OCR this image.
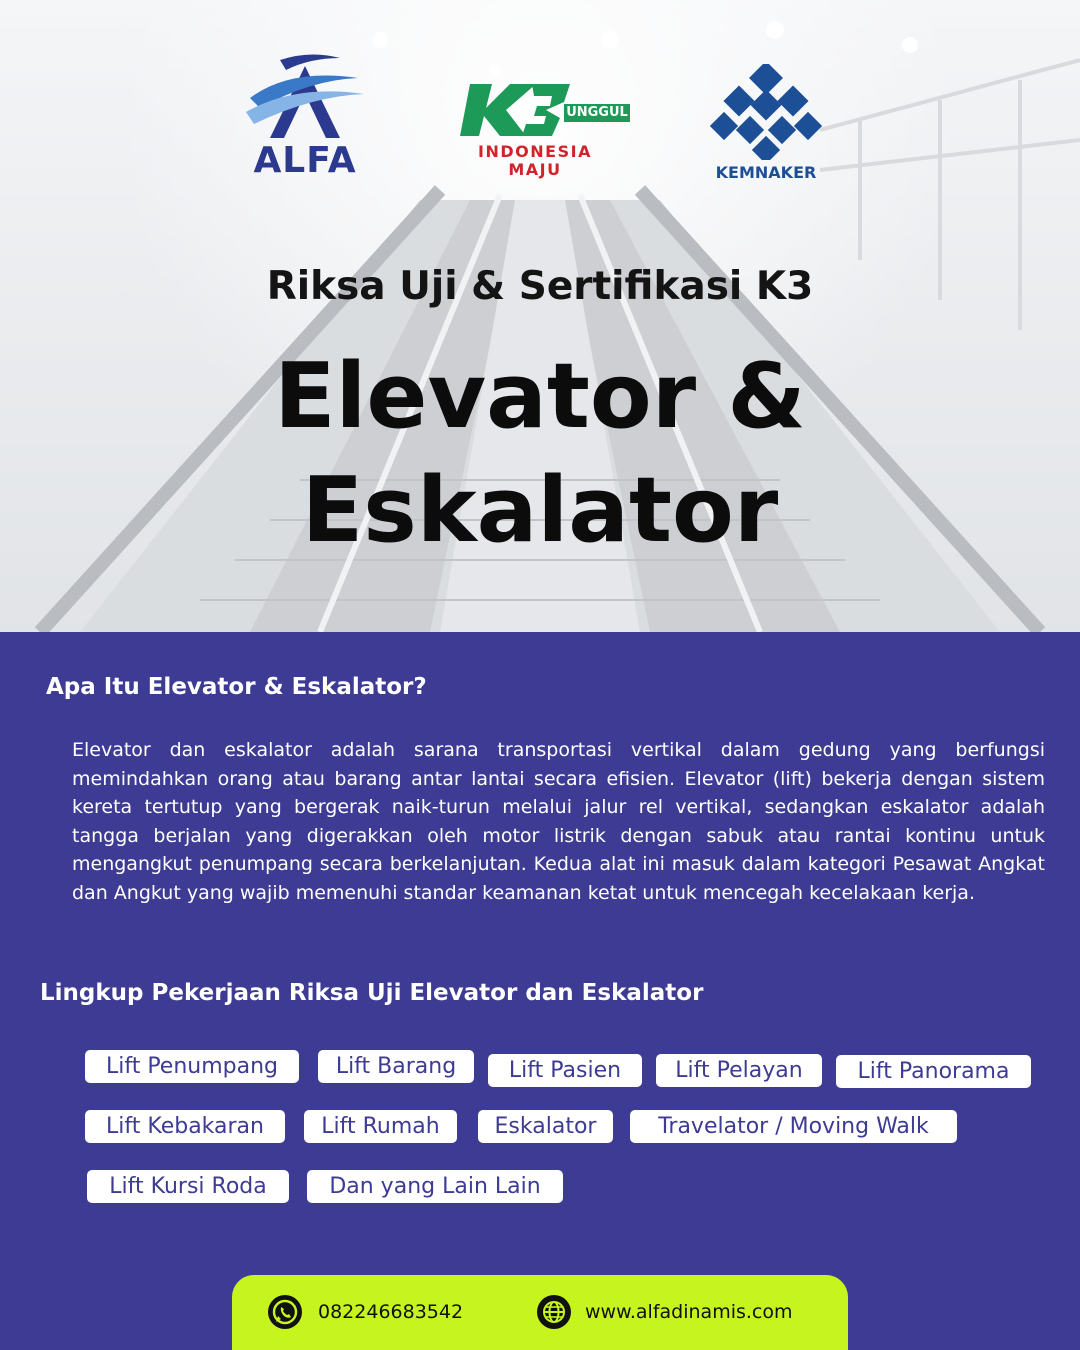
ALFA
UNGGUL
INDONESIA
MAJU	KEMNAKER
Riksa Uji & Sertifikasi K3
Elevator &
Eskalator
Apa Itu Elevator & Eskalator?
Elevator dan eskalator adalah sarana transportasi vertikal dalam gedung yang berfungsi memindahkan orang atau barang antar lantai secara efisien. Elevator (lift) bekerja dengan sistem kereta tertutup yang bergerak naik-turun melalui jalur rel vertikal, sedangkan eskalator adalah tangga berjalan yang digerakkan oleh motor listrik dengan sabuk atau rantai kontinu untuk mengangkut penumpang secara berkelanjutan. Kedua alat ini masuk dalam kategori Pesawat Angkat dan Angkut yang wajib memenuhi standar keamanan ketat untuk mencegah kecelakaan kerja.
Lingkup Pekerjaan Riksa Uji Elevator dan Eskalator
Lift Penumpang	Lift Barang	Lift Pasien	Lift Pelayan	Lift Panorama
Lift Kebakaran	Lift Rumah	Eskalator	Travelator / Moving Walk
Lift Kursi Roda	Dan yang Lain Lain
082246683542	www.alfadinamis.com
